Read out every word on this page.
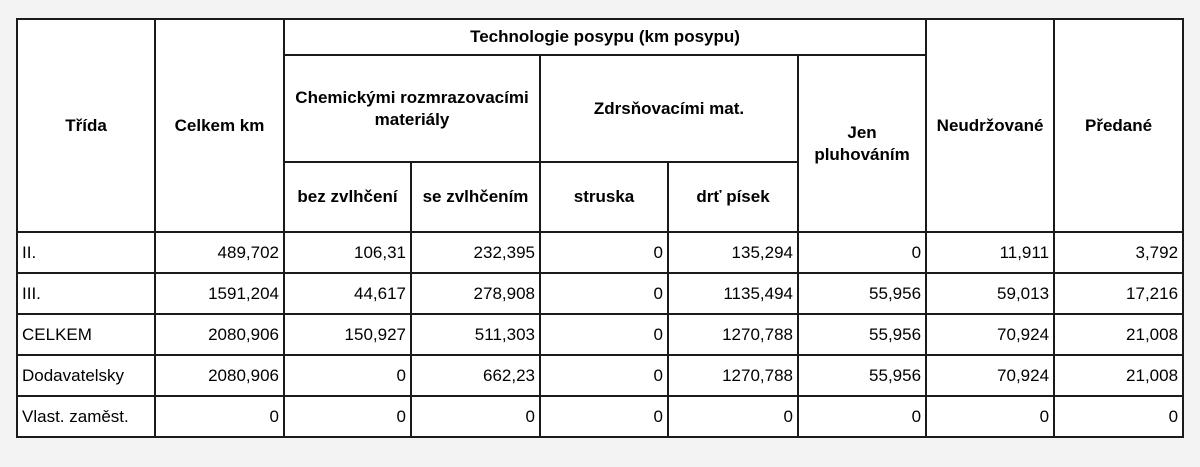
Třída	Celkem km	Technologie posypu (km posypu)					Neudržované	Předané
		Chemickými rozmrazovacími materiály		Zdrsňovacími mat.		Jen pluhováním		
		bez zvlhčení	se zvlhčením	struska	drť písek			
II.	489,702	106,31	232,395	0	135,294	0	11,911	3,792
III.	1591,204	44,617	278,908	0	1135,494	55,956	59,013	17,216
CELKEM	2080,906	150,927	511,303	0	1270,788	55,956	70,924	21,008
Dodavatelsky	2080,906	0	662,23	0	1270,788	55,956	70,924	21,008
Vlast. zaměst.	0	0	0	0	0	0	0	0
